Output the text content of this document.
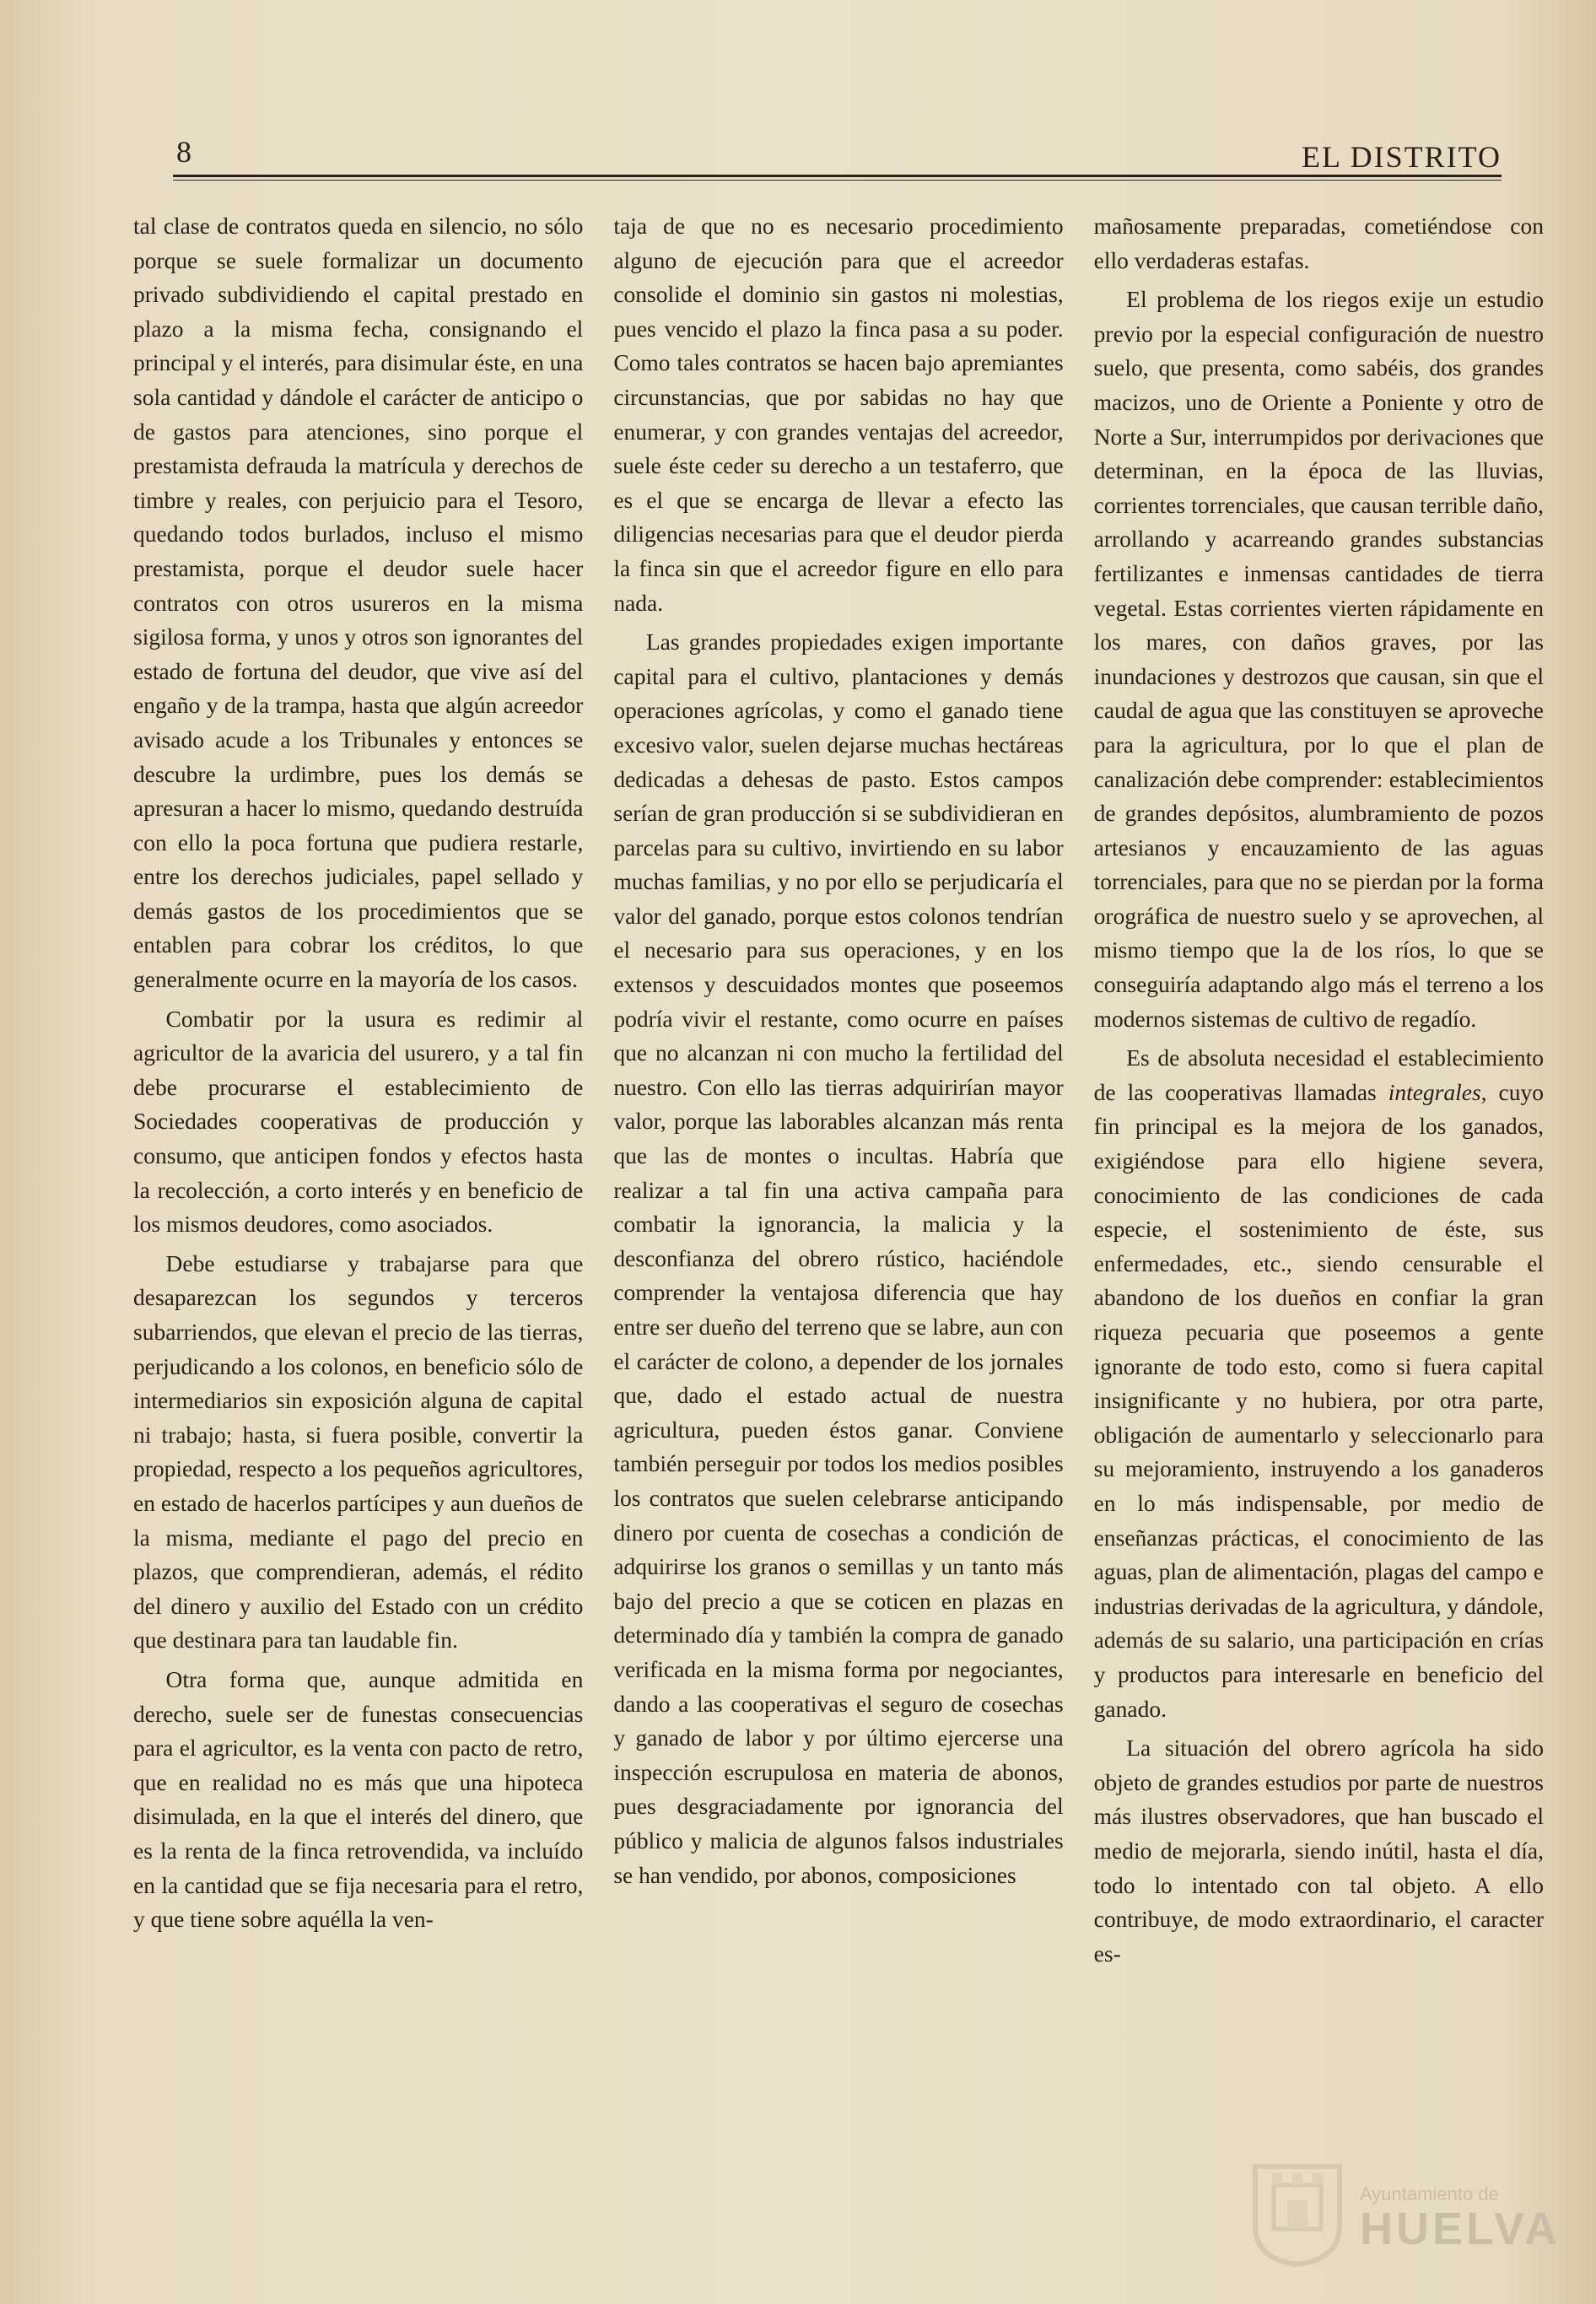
8	EL DISTRITO

tal clase de contratos queda en silencio, no sólo porque se suele formalizar un documento privado subdividiendo el capital prestado en plazo a la misma fecha, consignando el principal y el interés, para disimular éste, en una sola cantidad y dándole el carácter de anticipo o de gastos para atenciones, sino porque el prestamista defrauda la matrícula y derechos de timbre y reales, con perjuicio para el Tesoro, quedando todos burlados, incluso el mismo prestamista, porque el deudor suele hacer contratos con otros usureros en la misma sigilosa forma, y unos y otros son ignorantes del estado de fortuna del deudor, que vive así del engaño y de la trampa, hasta que algún acreedor avisado acude a los Tribunales y entonces se descubre la urdimbre, pues los demás se apresuran a hacer lo mismo, quedando destruída con ello la poca fortuna que pudiera restarle, entre los derechos judiciales, papel sellado y demás gastos de los procedimientos que se entablen para cobrar los créditos, lo que generalmente ocurre en la mayoría de los casos.

Combatir por la usura es redimir al agricultor de la avaricia del usurero, y a tal fin debe procurarse el establecimiento de Sociedades cooperativas de producción y consumo, que anticipen fondos y efectos hasta la recolección, a corto interés y en beneficio de los mismos deudores, como asociados.

Debe estudiarse y trabajarse para que desaparezcan los segundos y terceros subarriendos, que elevan el precio de las tierras, perjudicando a los colonos, en beneficio sólo de intermediarios sin exposición alguna de capital ni trabajo; hasta, si fuera posible, convertir la propiedad, respecto a los pequeños agricultores, en estado de hacerlos partícipes y aun dueños de la misma, mediante el pago del precio en plazos, que comprendieran, además, el rédito del dinero y auxilio del Estado con un crédito que destinara para tan laudable fin.

Otra forma que, aunque admitida en derecho, suele ser de funestas consecuencias para el agricultor, es la venta con pacto de retro, que en realidad no es más que una hipoteca disimulada, en la que el interés del dinero, que es la renta de la finca retrovendida, va incluído en la cantidad que se fija necesaria para el retro, y que tiene sobre aquélla la ven-

taja de que no es necesario procedimiento alguno de ejecución para que el acreedor consolide el dominio sin gastos ni molestias, pues vencido el plazo la finca pasa a su poder. Como tales contratos se hacen bajo apremiantes circunstancias, que por sabidas no hay que enumerar, y con grandes ventajas del acreedor, suele éste ceder su derecho a un testaferro, que es el que se encarga de llevar a efecto las diligencias necesarias para que el deudor pierda la finca sin que el acreedor figure en ello para nada.

Las grandes propiedades exigen importante capital para el cultivo, plantaciones y demás operaciones agrícolas, y como el ganado tiene excesivo valor, suelen dejarse muchas hectáreas dedicadas a dehesas de pasto. Estos campos serían de gran producción si se subdividieran en parcelas para su cultivo, invirtiendo en su labor muchas familias, y no por ello se perjudicaría el valor del ganado, porque estos colonos tendrían el necesario para sus operaciones, y en los extensos y descuidados montes que poseemos podría vivir el restante, como ocurre en países que no alcanzan ni con mucho la fertilidad del nuestro. Con ello las tierras adquirirían mayor valor, porque las laborables alcanzan más renta que las de montes o incultas. Habría que realizar a tal fin una activa campaña para combatir la ignorancia, la malicia y la desconfianza del obrero rústico, haciéndole comprender la ventajosa diferencia que hay entre ser dueño del terreno que se labre, aun con el carácter de colono, a depender de los jornales que, dado el estado actual de nuestra agricultura, pueden éstos ganar. Conviene también perseguir por todos los medios posibles los contratos que suelen celebrarse anticipando dinero por cuenta de cosechas a condición de adquirirse los granos o semillas y un tanto más bajo del precio a que se coticen en plazas en determinado día y también la compra de ganado verificada en la misma forma por negociantes, dando a las cooperativas el seguro de cosechas y ganado de labor y por último ejercerse una inspección escrupulosa en materia de abonos, pues desgraciadamente por ignorancia del público y malicia de algunos falsos industriales se han vendido, por abonos, composiciones

mañosamente preparadas, cometiéndose con ello verdaderas estafas.

El problema de los riegos exije un estudio previo por la especial configuración de nuestro suelo, que presenta, como sabéis, dos grandes macizos, uno de Oriente a Poniente y otro de Norte a Sur, interrumpidos por derivaciones que determinan, en la época de las lluvias, corrientes torrenciales, que causan terrible daño, arrollando y acarreando grandes substancias fertilizantes e inmensas cantidades de tierra vegetal. Estas corrientes vierten rápidamente en los mares, con daños graves, por las inundaciones y destrozos que causan, sin que el caudal de agua que las constituyen se aproveche para la agricultura, por lo que el plan de canalización debe comprender: establecimientos de grandes depósitos, alumbramiento de pozos artesianos y encauzamiento de las aguas torrenciales, para que no se pierdan por la forma orográfica de nuestro suelo y se aprovechen, al mismo tiempo que la de los ríos, lo que se conseguiría adaptando algo más el terreno a los modernos sistemas de cultivo de regadío.

Es de absoluta necesidad el establecimiento de las cooperativas llamadas integrales, cuyo fin principal es la mejora de los ganados, exigiéndose para ello higiene severa, conocimiento de las condiciones de cada especie, el sostenimiento de éste, sus enfermedades, etc., siendo censurable el abandono de los dueños en confiar la gran riqueza pecuaria que poseemos a gente ignorante de todo esto, como si fuera capital insignificante y no hubiera, por otra parte, obligación de aumentarlo y seleccionarlo para su mejoramiento, instruyendo a los ganaderos en lo más indispensable, por medio de enseñanzas prácticas, el conocimiento de las aguas, plan de alimentación, plagas del campo e industrias derivadas de la agricultura, y dándole, además de su salario, una participación en crías y productos para interesarle en beneficio del ganado.

La situación del obrero agrícola ha sido objeto de grandes estudios por parte de nuestros más ilustres observadores, que han buscado el medio de mejorarla, siendo inútil, hasta el día, todo lo intentado con tal objeto. A ello contribuye, de modo extraordinario, el caracter es-

Ayuntamiento de
HUELVA
